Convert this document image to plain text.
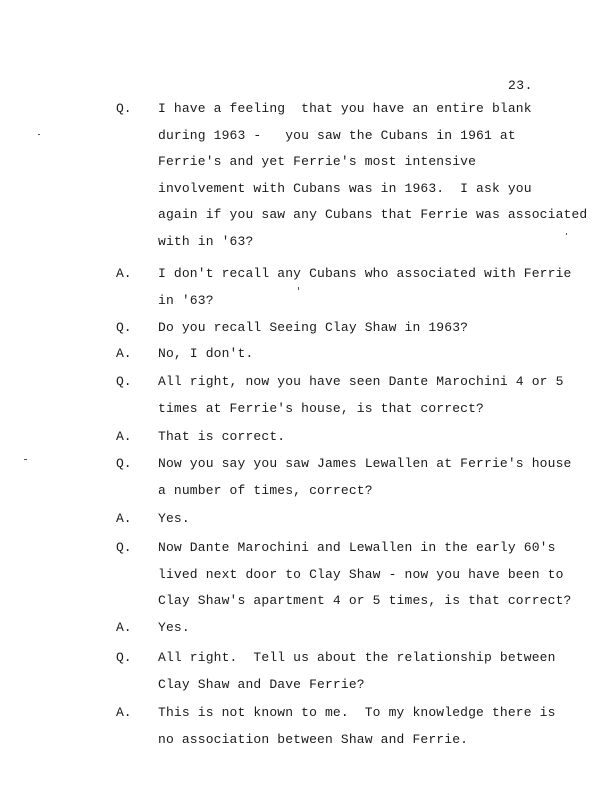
23.
Q. I have a feeling  that you have an entire blank
during 1963 -   you saw the Cubans in 1961 at
Ferrie's and yet Ferrie's most intensive
involvement with Cubans was in 1963.  I ask you
again if you saw any Cubans that Ferrie was associated
with in '63?
A. I don't recall any Cubans who associated with Ferrie
in '63?
Q. Do you recall Seeing Clay Shaw in 1963?
A. No, I don't.
Q. All right, now you have seen Dante Marochini 4 or 5
times at Ferrie's house, is that correct?
A. That is correct.
Q. Now you say you saw James Lewallen at Ferrie's house
a number of times, correct?
A. Yes.
Q. Now Dante Marochini and Lewallen in the early 60's
lived next door to Clay Shaw - now you have been to
Clay Shaw's apartment 4 or 5 times, is that correct?
A. Yes.
Q. All right.  Tell us about the relationship between
Clay Shaw and Dave Ferrie?
A. This is not known to me.  To my knowledge there is
no association between Shaw and Ferrie.
